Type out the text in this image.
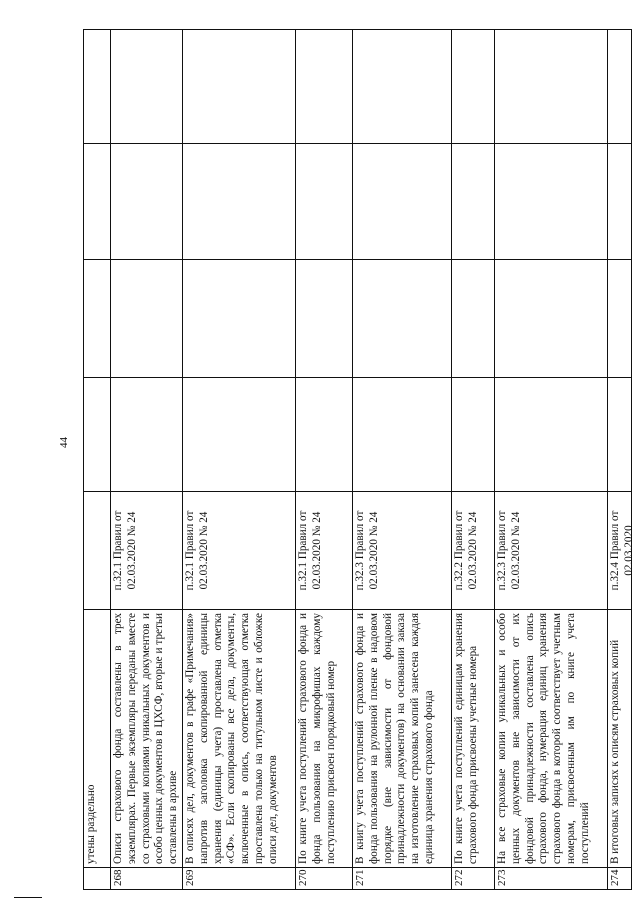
44

	утены раздельно					

268	Описи страхового фонда составлены в трех экземплярах. Первые экземпляры переданы вместе со страховыми копиями уникальных документов и особо ценных документов в ЦХСФ, вторые и третьи оставлены в архиве	п.32.1 Правил от 02.03.2020 № 24				
269	В описях дел, документов в графе «Примечания» напротив заголовка скопированной единицы хранения (единицы учета) проставлена отметка «СФ». Если скопированы все дела, документы, включенные в опись, соответствующая отметка проставлена только на титульном листе и обложке описи дел, документов	п.32.1 Правил от 02.03.2020 № 24				
270	По книге учета поступлений страхового фонда и фонда пользования на микрофишах каждому поступлению присвоен порядковый номер	п.32.1 Правил от 02.03.2020 № 24				
271	В книгу учета поступлений страхового фонда и фонда пользования на рулонной пленке в надовом порядке (вне зависимости от фондовой принадлежности документов) на основании заказа на изготовление страховых копий занесена каждая единица хранения страхового фонда	п.32.3 Правил от 02.03.2020 № 24				
272	По книге учета поступлений единицам хранения страхового фонда присвоены учетные номера	п.32.2 Правил от 02.03.2020 № 24				
273	На все страховые копии уникальных и особо ценных документов вне зависимости от их фондовой принадлежности составлена опись страхового фонда, нумерация единиц хранения страхового фонда в которой соответствует учетным номерам, присвоенным им по книге учета поступлений	п.32.3 Правил от 02.03.2020 № 24				

274	В итоговых записях к описям страховых копий	п.32.4 Правил от 02.03.2020				
